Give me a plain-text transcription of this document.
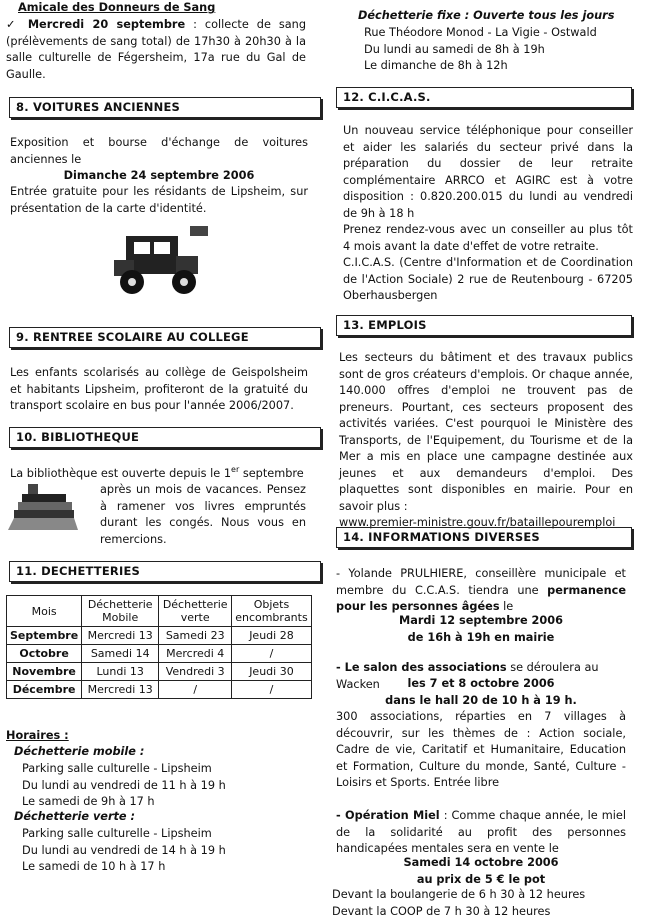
Amicale des Donneurs de Sang
✓ Mercredi 20 septembre : collecte de sang (prélèvements de sang total) de 17h30 à 20h30 à la salle culturelle de Fégersheim, 17a rue du Gal de Gaulle.
8. VOITURES ANCIENNES
Exposition et bourse d'échange de voitures anciennes le
Dimanche 24 septembre 2006
Entrée gratuite pour les résidants de Lipsheim, sur présentation de la carte d'identité.
9. RENTREE SCOLAIRE AU COLLEGE
Les enfants scolarisés au collège de Geispolsheim et habitants Lipsheim, profiteront de la gratuité du transport scolaire en bus pour l'année 2006/2007.
10. BIBLIOTHEQUE
La bibliothèque est ouverte depuis le 1er septembre
après un mois de vacances. Pensez à ramener vos livres empruntés durant les congés. Nous vous en remercions.
11. DECHETTERIES
Mois	Déchetterie Mobile	Déchetterie verte	Objets encombrants
Septembre	Mercredi 13	Samedi 23	Jeudi 28
Octobre	Samedi 14	Mercredi 4	/
Novembre	Lundi 13	Vendredi 3	Jeudi 30
Décembre	Mercredi 13	/	/
Horaires :
Déchetterie mobile :
Parking salle culturelle - Lipsheim
Du lundi au vendredi de 11 h à 19 h
Le samedi de 9h à 17 h
Déchetterie verte :
Parking salle culturelle - Lipsheim
Du lundi au vendredi de 14 h à 19 h
Le samedi de 10 h à 17 h
Déchetterie fixe : Ouverte tous les jours
Rue Théodore Monod - La Vigie - Ostwald
Du lundi au samedi de 8h à 19h
Le dimanche de 8h à 12h
12. C.I.C.A.S.

Un nouveau service téléphonique pour conseiller et aider les salariés du secteur privé dans la préparation du dossier de leur retraite complémentaire ARRCO et AGIRC est à votre disposition : 0.820.200.015 du lundi au vendredi de 9h à 18 h

Prenez rendez-vous avec un conseiller au plus tôt 4 mois avant la date d'effet de votre retraite.

C.I.C.A.S. (Centre d'Information et de Coordination de l'Action Sociale) 2 rue de Reutenbourg - 67205 Oberhausbergen

13. EMPLOIS

Les secteurs du bâtiment et des travaux publics sont de gros créateurs d'emplois. Or chaque année, 140.000 offres d'emploi ne trouvent pas de preneurs. Pourtant, ces secteurs proposent des activités variées. C'est pourquoi le Ministère des Transports, de l'Equipement, du Tourisme et de la Mer a mis en place une campagne destinée aux jeunes et aux demandeurs d'emploi. Des plaquettes sont disponibles en mairie. Pour en savoir plus :

www.premier-ministre.gouv.fr/bataillepouremploi

14. INFORMATIONS DIVERSES
- Yolande PRULHIERE, conseillère municipale et membre du C.C.A.S. tiendra une permanence pour les personnes âgées le
Mardi 12 septembre 2006
de 16h à 19h en mairie
- Le salon des associations se déroulera au Wacken	les 7 et 8 octobre 2006
dans le hall 20 de 10 h à 19 h.
300 associations, réparties en 7 villages à découvrir, sur les thèmes de : Action sociale, Cadre de vie, Caritatif et Humanitaire, Education et Formation, Culture du monde, Santé, Culture - Loisirs et Sports. Entrée libre
- Opération Miel : Comme chaque année, le miel de la solidarité au profit des personnes handicapées mentales sera en vente le
Samedi 14 octobre 2006
au prix de 5 € le pot
Devant la boulangerie de 6 h 30 à 12 heures
Devant la COOP de 7 h 30 à 12 heures
